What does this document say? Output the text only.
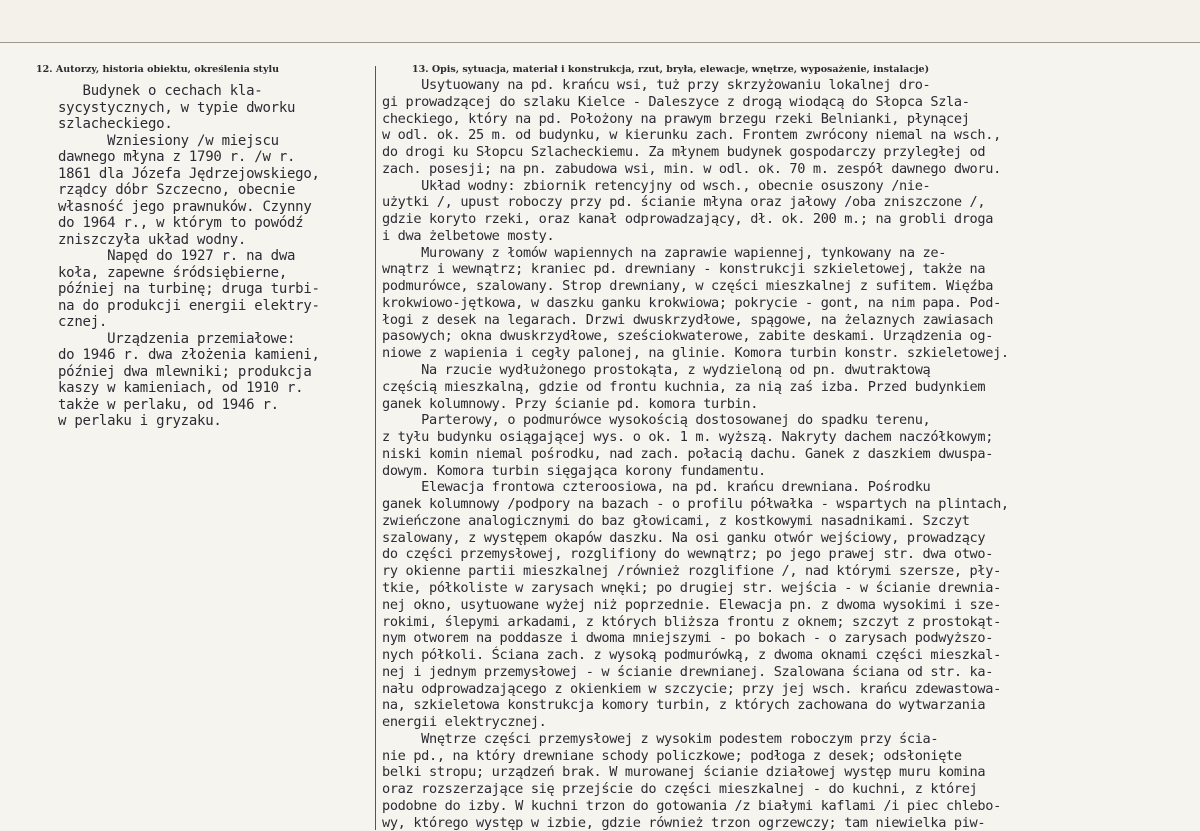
12. Autorzy, historia obiektu, określenia stylu	13. Opis, sytuacja, materiał i konstrukcja, rzut, bryła, elewacje, wnętrze, wyposażenie, instalacje)
Budynek o cechach kla-
sycystycznych, w typie dworku
szlacheckiego.
Wzniesiony /w miejscu
dawnego młyna z 1790 r. /w r.
1861 dla Józefa Jędrzejowskiego,
rządcy dóbr Szczecno, obecnie
własność jego prawnuków. Czynny
do 1964 r., w którym to powódź
zniszczyła układ wodny.
Napęd do 1927 r. na dwa
koła, zapewne śródsiębierne,
później na turbinę; druga turbi-
na do produkcji energii elektry-
cznej.
Urządzenia przemiałowe:
do 1946 r. dwa złożenia kamieni,
później dwa mlewniki; produkcja
kaszy w kamieniach, od 1910 r.
także w perlaku, od 1946 r.
w perlaku i gryzaku.
Usytuowany na pd. krańcu wsi, tuż przy skrzyżowaniu lokalnej dro-
gi prowadzącej do szlaku Kielce - Daleszyce z drogą wiodącą do Słopca Szla-
checkiego, który na pd. Położony na prawym brzegu rzeki Belnianki, płynącej
w odl. ok. 25 m. od budynku, w kierunku zach. Frontem zwrócony niemal na wsch.,
do drogi ku Słopcu Szlacheckiemu. Za młynem budynek gospodarczy przyległej od
zach. posesji; na pn. zabudowa wsi, min. w odl. ok. 70 m. zespół dawnego dworu.
Układ wodny: zbiornik retencyjny od wsch., obecnie osuszony /nie-
użytki /, upust roboczy przy pd. ścianie młyna oraz jałowy /oba zniszczone /,
gdzie koryto rzeki, oraz kanał odprowadzający, dł. ok. 200 m.; na grobli droga
i dwa żelbetowe mosty.
Murowany z łomów wapiennych na zaprawie wapiennej, tynkowany na ze-
wnątrz i wewnątrz; kraniec pd. drewniany - konstrukcji szkieletowej, także na
podmurówce, szalowany. Strop drewniany, w części mieszkalnej z sufitem. Więźba
krokwiowo-jętkowa, w daszku ganku krokwiowa; pokrycie - gont, na nim papa. Pod-
łogi z desek na legarach. Drzwi dwuskrzydłowe, spągowe, na żelaznych zawiasach
pasowych; okna dwuskrzydłowe, sześciokwaterowe, zabite deskami. Urządzenia og-
niowe z wapienia i cegły palonej, na glinie. Komora turbin konstr. szkieletowej.
Na rzucie wydłużonego prostokąta, z wydzieloną od pn. dwutraktową
częścią mieszkalną, gdzie od frontu kuchnia, za nią zaś izba. Przed budynkiem
ganek kolumnowy. Przy ścianie pd. komora turbin.
Parterowy, o podmurówce wysokością dostosowanej do spadku terenu,
z tyłu budynku osiągającej wys. o ok. 1 m. wyższą. Nakryty dachem naczółkowym;
niski komin niemal pośrodku, nad zach. połacią dachu. Ganek z daszkiem dwuspa-
dowym. Komora turbin sięgająca korony fundamentu.
Elewacja frontowa czteroosiowa, na pd. krańcu drewniana. Pośrodku
ganek kolumnowy /podpory na bazach - o profilu półwałka - wspartych na plintach,
zwieńczone analogicznymi do baz głowicami, z kostkowymi nasadnikami. Szczyt
szalowany, z występem okapów daszku. Na osi ganku otwór wejściowy, prowadzący
do części przemysłowej, rozglifiony do wewnątrz; po jego prawej str. dwa otwo-
ry okienne partii mieszkalnej /również rozglifione /, nad którymi szersze, pły-
tkie, półkoliste w zarysach wnęki; po drugiej str. wejścia - w ścianie drewnia-
nej okno, usytuowane wyżej niż poprzednie. Elewacja pn. z dwoma wysokimi i sze-
rokimi, ślepymi arkadami, z których bliższa frontu z oknem; szczyt z prostokąt-
nym otworem na poddasze i dwoma mniejszymi - po bokach - o zarysach podwyższo-
nych półkoli. Ściana zach. z wysoką podmurówką, z dwoma oknami części mieszkal-
nej i jednym przemysłowej - w ścianie drewnianej. Szalowana ściana od str. ka-
nału odprowadzającego z okienkiem w szczycie; przy jej wsch. krańcu zdewastowa-
na, szkieletowa konstrukcja komory turbin, z których zachowana do wytwarzania
energii elektrycznej.
Wnętrze części przemysłowej z wysokim podestem roboczym przy ścia-
nie pd., na który drewniane schody policzkowe; podłoga z desek; odsłonięte
belki stropu; urządzeń brak. W murowanej ścianie działowej występ muru komina
oraz rozszerzające się przejście do części mieszkalnej - do kuchni, z której
podobne do izby. W kuchni trzon do gotowania /z białymi kaflami /i piec chlebo-
wy, którego występ w izbie, gdzie również trzon ogrzewczy; tam niewielka piw-
